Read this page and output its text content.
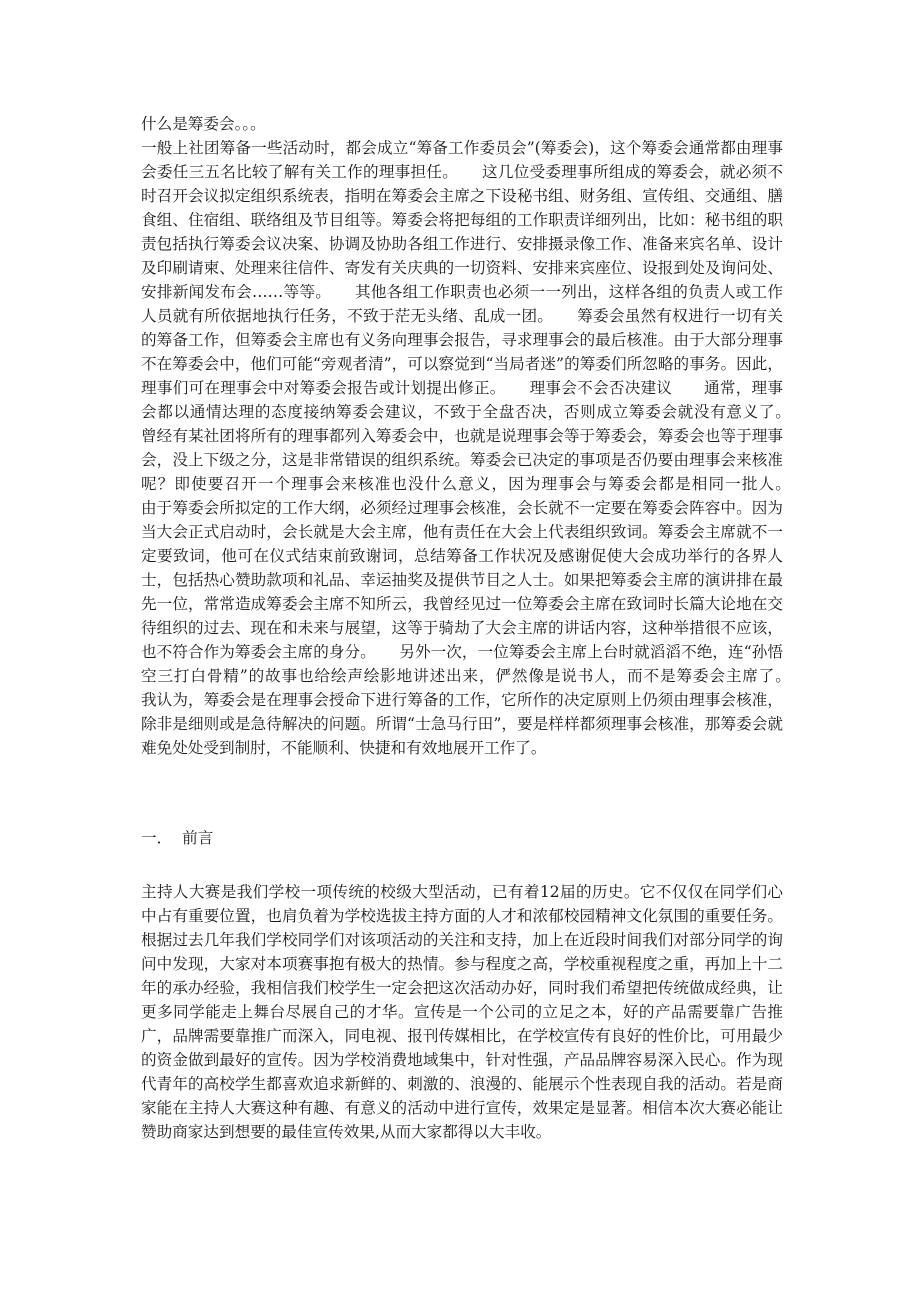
什么是筹委会。。。

一般上社团筹备一些活动时，都会成立“筹备工作委员会”(筹委会)，这个筹委会通常都由理事会委任三五名比较了解有关工作的理事担任。　　这几位受委理事所组成的筹委会，就必须不时召开会议拟定组织系统表，指明在筹委会主席之下设秘书组、财务组、宣传组、交通组、膳食组、住宿组、联络组及节目组等。筹委会将把每组的工作职责详细列出，比如：秘书组的职责包括执行筹委会议决案、协调及协助各组工作进行、安排摄录像工作、准备来宾名单、设计及印刷请柬、处理来往信件、寄发有关庆典的一切资料、安排来宾座位、设报到处及询问处、安排新闻发布会……等等。　　其他各组工作职责也必须一一列出，这样各组的负责人或工作人员就有所依据地执行任务，不致于茫无头绪、乱成一团。　　筹委会虽然有权进行一切有关的筹备工作，但筹委会主席也有义务向理事会报告，寻求理事会的最后核准。由于大部分理事不在筹委会中，他们可能“旁观者清”，可以察觉到“当局者迷”的筹委们所忽略的事务。因此，理事们可在理事会中对筹委会报告或计划提出修正。　　理事会不会否决建议　　通常，理事会都以通情达理的态度接纳筹委会建议，不致于全盘否决，否则成立筹委会就没有意义了。　　曾经有某社团将所有的理事都列入筹委会中，也就是说理事会等于筹委会，筹委会也等于理事会，没上下级之分，这是非常错误的组织系统。筹委会已决定的事项是否仍要由理事会来核准呢？即使要召开一个理事会来核准也没什么意义，因为理事会与筹委会都是相同一批人。　　由于筹委会所拟定的工作大纲，必须经过理事会核准，会长就不一定要在筹委会阵容中。因为当大会正式启动时，会长就是大会主席，他有责任在大会上代表组织致词。筹委会主席就不一定要致词，他可在仪式结束前致谢词，总结筹备工作状况及感谢促使大会成功举行的各界人士，包括热心赞助款项和礼品、幸运抽奖及提供节目之人士。如果把筹委会主席的演讲排在最先一位，常常造成筹委会主席不知所云，我曾经见过一位筹委会主席在致词时长篇大论地在交待组织的过去、现在和未来与展望，这等于骑劫了大会主席的讲话内容，这种举措很不应该，也不符合作为筹委会主席的身分。　　另外一次，一位筹委会主席上台时就滔滔不绝，连“孙悟空三打白骨精”的故事也给绘声绘影地讲述出来，俨然像是说书人，而不是筹委会主席了。　　我认为，筹委会是在理事会授命下进行筹备的工作，它所作的决定原则上仍须由理事会核准，除非是细则或是急待解决的问题。所谓“士急马行田”，要是样样都须理事会核准，那筹委会就难免处处受到制肘，不能顺利、快捷和有效地展开工作了。

一．  前言

主持人大赛是我们学校一项传统的校级大型活动，已有着12届的历史。它不仅仅在同学们心中占有重要位置，也肩负着为学校选拔主持方面的人才和浓郁校园精神文化氛围的重要任务。根据过去几年我们学校同学们对该项活动的关注和支持，加上在近段时间我们对部分同学的询问中发现，大家对本项赛事抱有极大的热情。参与程度之高，学校重视程度之重，再加上十二年的承办经验，我相信我们校学生一定会把这次活动办好，同时我们希望把传统做成经典，让更多同学能走上舞台尽展自己的才华。宣传是一个公司的立足之本，好的产品需要靠广告推广，品牌需要靠推广而深入，同电视、报刊传媒相比，在学校宣传有良好的性价比，可用最少的资金做到最好的宣传。因为学校消费地域集中，针对性强，产品品牌容易深入民心。作为现代青年的高校学生都喜欢追求新鲜的、刺激的、浪漫的、能展示个性表现自我的活动。若是商家能在主持人大赛这种有趣、有意义的活动中进行宣传，效果定是显著。相信本次大赛必能让赞助商家达到想要的最佳宣传效果,从而大家都得以大丰收。
